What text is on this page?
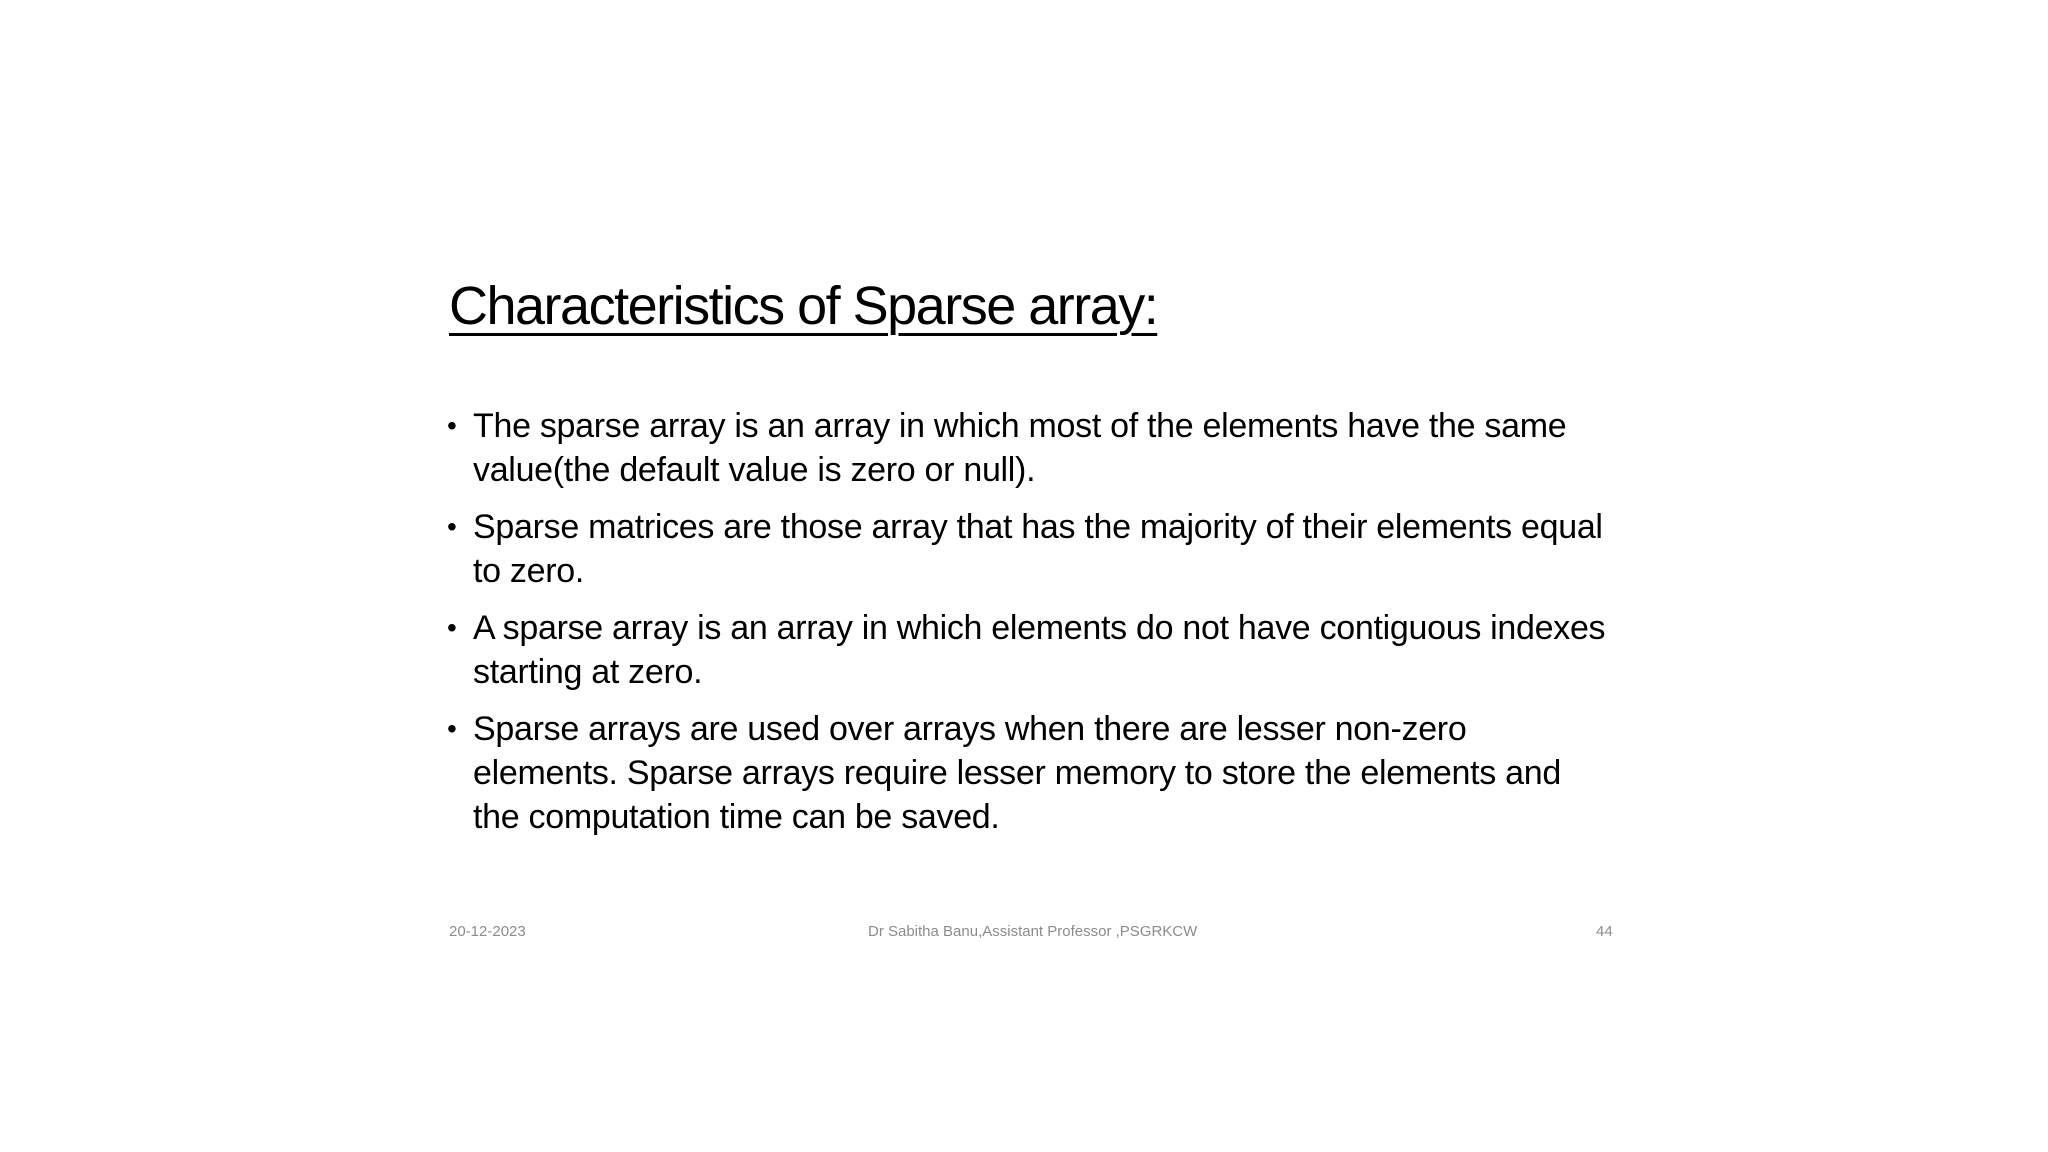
Characteristics of Sparse array:
• The sparse array is an array in which most of the elements have the same value(the default value is zero or null).
• Sparse matrices are those array that has the majority of their elements equal to zero.
• A sparse array is an array in which elements do not have contiguous indexes starting at zero.
• Sparse arrays are used over arrays when there are lesser non-zero elements. Sparse arrays require lesser memory to store the elements and the computation time can be saved.
20-12-2023	Dr Sabitha Banu,Assistant Professor ,PSGRKCW	44
